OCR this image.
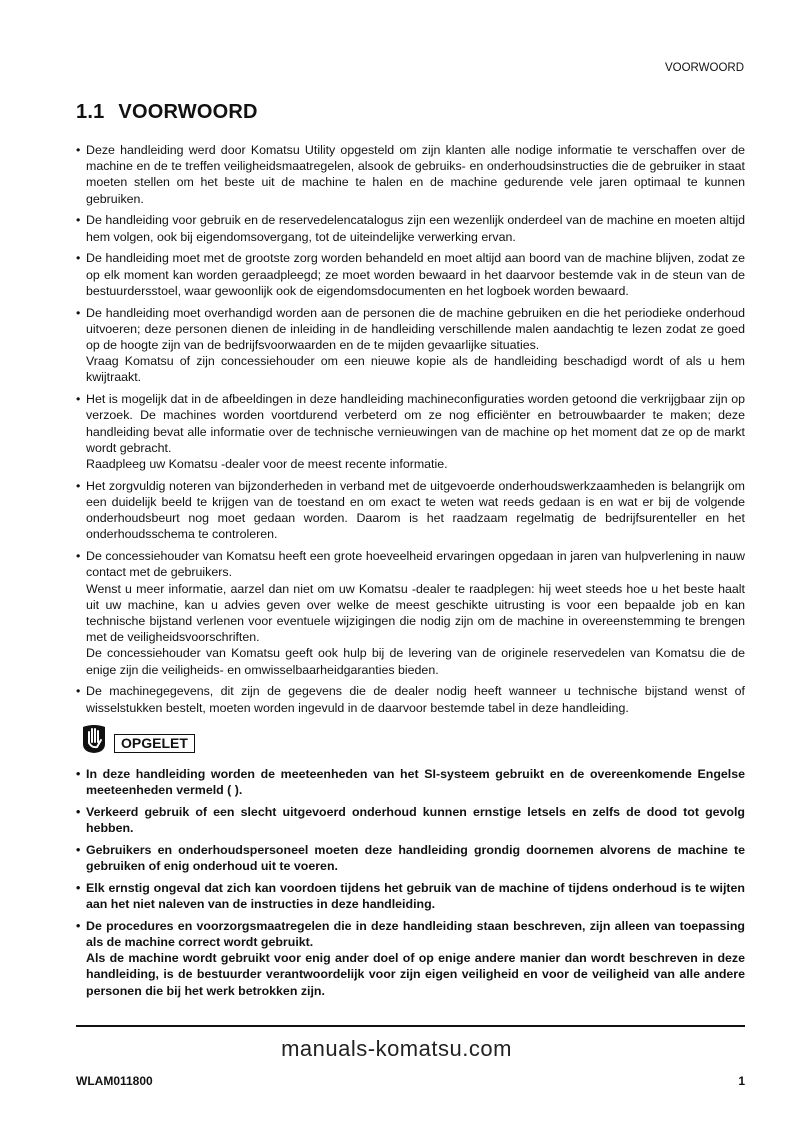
VOORWOORD
1.1 VOORWOORD
• Deze handleiding werd door Komatsu Utility opgesteld om zijn klanten alle nodige informatie te verschaffen over de machine en de te treffen veiligheidsmaatregelen, alsook de gebruiks- en onderhoudsinstructies die de gebruiker in staat moeten stellen om het beste uit de machine te halen en de machine gedurende vele jaren optimaal te kunnen gebruiken.

• De handleiding voor gebruik en de reservedelencatalogus zijn een wezenlijk onderdeel van de machine en moeten altijd hem volgen, ook bij eigendomsovergang, tot de uiteindelijke verwerking ervan.

• De handleiding moet met de grootste zorg worden behandeld en moet altijd aan boord van de machine blijven, zodat ze op elk moment kan worden geraadpleegd; ze moet worden bewaard in het daarvoor bestemde vak in de steun van de bestuurdersstoel, waar gewoonlijk ook de eigendomsdocumenten en het logboek worden bewaard.

• De handleiding moet overhandigd worden aan de personen die de machine gebruiken en die het periodieke onderhoud uitvoeren; deze personen dienen de inleiding in de handleiding verschillende malen aandachtig te lezen zodat ze goed op de hoogte zijn van de bedrijfsvoorwaarden en de te mijden gevaarlijke situaties.

Vraag Komatsu of zijn concessiehouder om een nieuwe kopie als de handleiding beschadigd wordt of als u hem kwijtraakt.

• Het is mogelijk dat in de afbeeldingen in deze handleiding machineconfiguraties worden getoond die verkrijgbaar zijn op verzoek. De machines worden voortdurend verbeterd om ze nog efficiënter en betrouwbaarder te maken; deze handleiding bevat alle informatie over de technische vernieuwingen van de machine op het moment dat ze op de markt wordt gebracht.

Raadpleeg uw Komatsu -dealer voor de meest recente informatie.

• Het zorgvuldig noteren van bijzonderheden in verband met de uitgevoerde onderhoudswerkzaamheden is belangrijk om een duidelijk beeld te krijgen van de toestand en om exact te weten wat reeds gedaan is en wat er bij de volgende onderhoudsbeurt nog moet gedaan worden. Daarom is het raadzaam regelmatig de bedrijfsurenteller en het onderhoudsschema te controleren.

• De concessiehouder van Komatsu heeft een grote hoeveelheid ervaringen opgedaan in jaren van hulpverlening in nauw contact met de gebruikers.

Wenst u meer informatie, aarzel dan niet om uw Komatsu -dealer te raadplegen: hij weet steeds hoe u het beste haalt uit uw machine, kan u advies geven over welke de meest geschikte uitrusting is voor een bepaalde job en kan technische bijstand verlenen voor eventuele wijzigingen die nodig zijn om de machine in overeenstemming te brengen met de veiligheidsvoorschriften.

De concessiehouder van Komatsu geeft ook hulp bij de levering van de originele reservedelen van Komatsu die de enige zijn die veiligheids- en omwisselbaarheidgaranties bieden.

• De machinegegevens, dit zijn de gegevens die de dealer nodig heeft wanneer u technische bijstand wenst of wisselstukken bestelt, moeten worden ingevuld in de daarvoor bestemde tabel in deze handleiding.

OPGELET
• In deze handleiding worden de meeteenheden van het SI-systeem gebruikt en de overeenkomende Engelse meeteenheden vermeld ( ).

• Verkeerd gebruik of een slecht uitgevoerd onderhoud kunnen ernstige letsels en zelfs de dood tot gevolg hebben.

• Gebruikers en onderhoudspersoneel moeten deze handleiding grondig doornemen alvorens de machine te gebruiken of enig onderhoud uit te voeren.

• Elk ernstig ongeval dat zich kan voordoen tijdens het gebruik van de machine of tijdens onderhoud is te wijten aan het niet naleven van de instructies in deze handleiding.

• De procedures en voorzorgsmaatregelen die in deze handleiding staan beschreven, zijn alleen van toepassing als de machine correct wordt gebruikt.

Als de machine wordt gebruikt voor enig ander doel of op enige andere manier dan wordt beschreven in deze handleiding, is de bestuurder verantwoordelijk voor zijn eigen veiligheid en voor de veiligheid van alle andere personen die bij het werk betrokken zijn.

manuals-komatsu.com
WLAM011800	1
